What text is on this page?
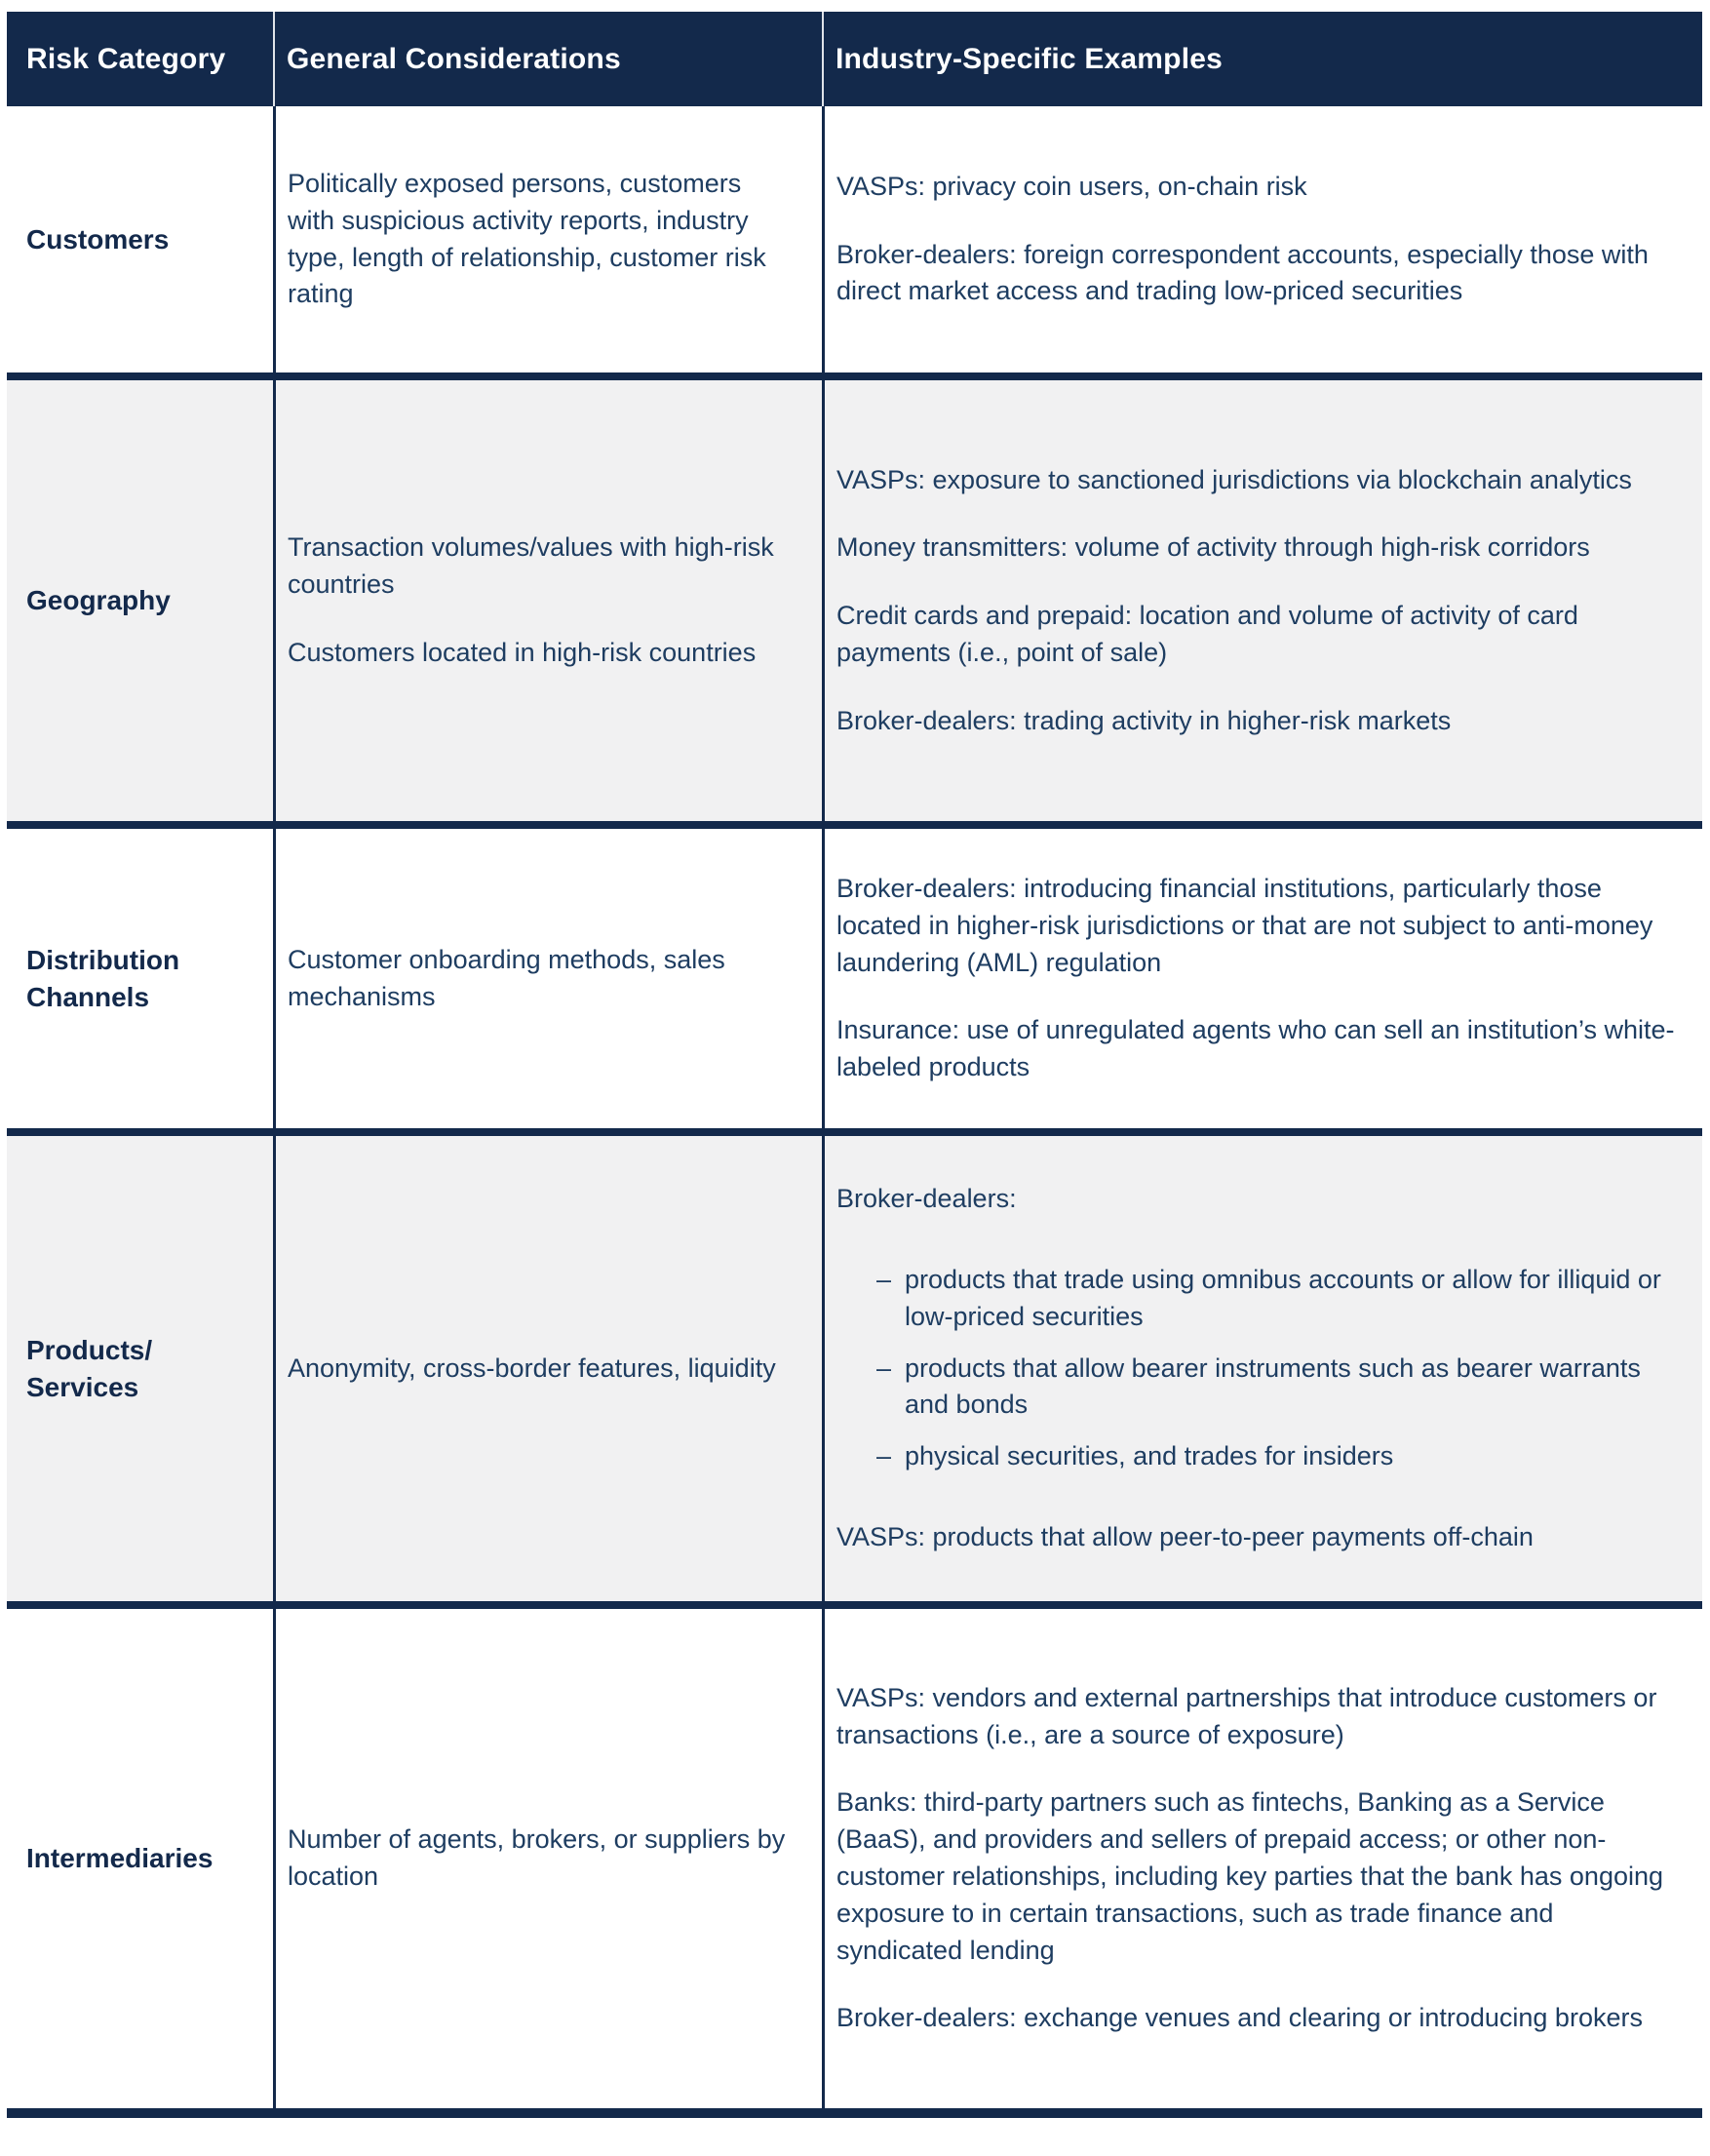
Risk Category	General Considerations	Industry-Specific Examples
Customers

Politically exposed persons, customers with suspicious activity reports, industry type, length of relationship, customer risk rating

VASPs: privacy coin users, on-chain risk

Broker-dealers: foreign correspondent accounts, especially those with direct market access and trading low-priced securities

Geography

Transaction volumes/values with high-risk countries

Customers located in high-risk countries

VASPs: exposure to sanctioned jurisdictions via blockchain analytics

Money transmitters: volume of activity through high-risk corridors

Credit cards and prepaid: location and volume of activity of card payments (i.e., point of sale)

Broker-dealers: trading activity in higher-risk markets

Distribution Channels

Customer onboarding methods, sales mechanisms

Broker-dealers: introducing financial institutions, particularly those located in higher-risk jurisdictions or that are not subject to anti-money laundering (AML) regulation

Insurance: use of unregulated agents who can sell an institution’s white-labeled products

Products/ Services

Anonymity, cross-border features, liquidity

Broker-dealers:

– products that trade using omnibus accounts or allow for illiquid or low-priced securities
– products that allow bearer instruments such as bearer warrants and bonds
– physical securities, and trades for insiders

VASPs: products that allow peer-to-peer payments off-chain

Intermediaries

Number of agents, brokers, or suppliers by location

VASPs: vendors and external partnerships that introduce customers or transactions (i.e., are a source of exposure)

Banks: third-party partners such as fintechs, Banking as a Service (BaaS), and providers and sellers of prepaid access; or other non-customer relationships, including key parties that the bank has ongoing exposure to in certain transactions, such as trade finance and syndicated lending

Broker-dealers: exchange venues and clearing or introducing brokers
